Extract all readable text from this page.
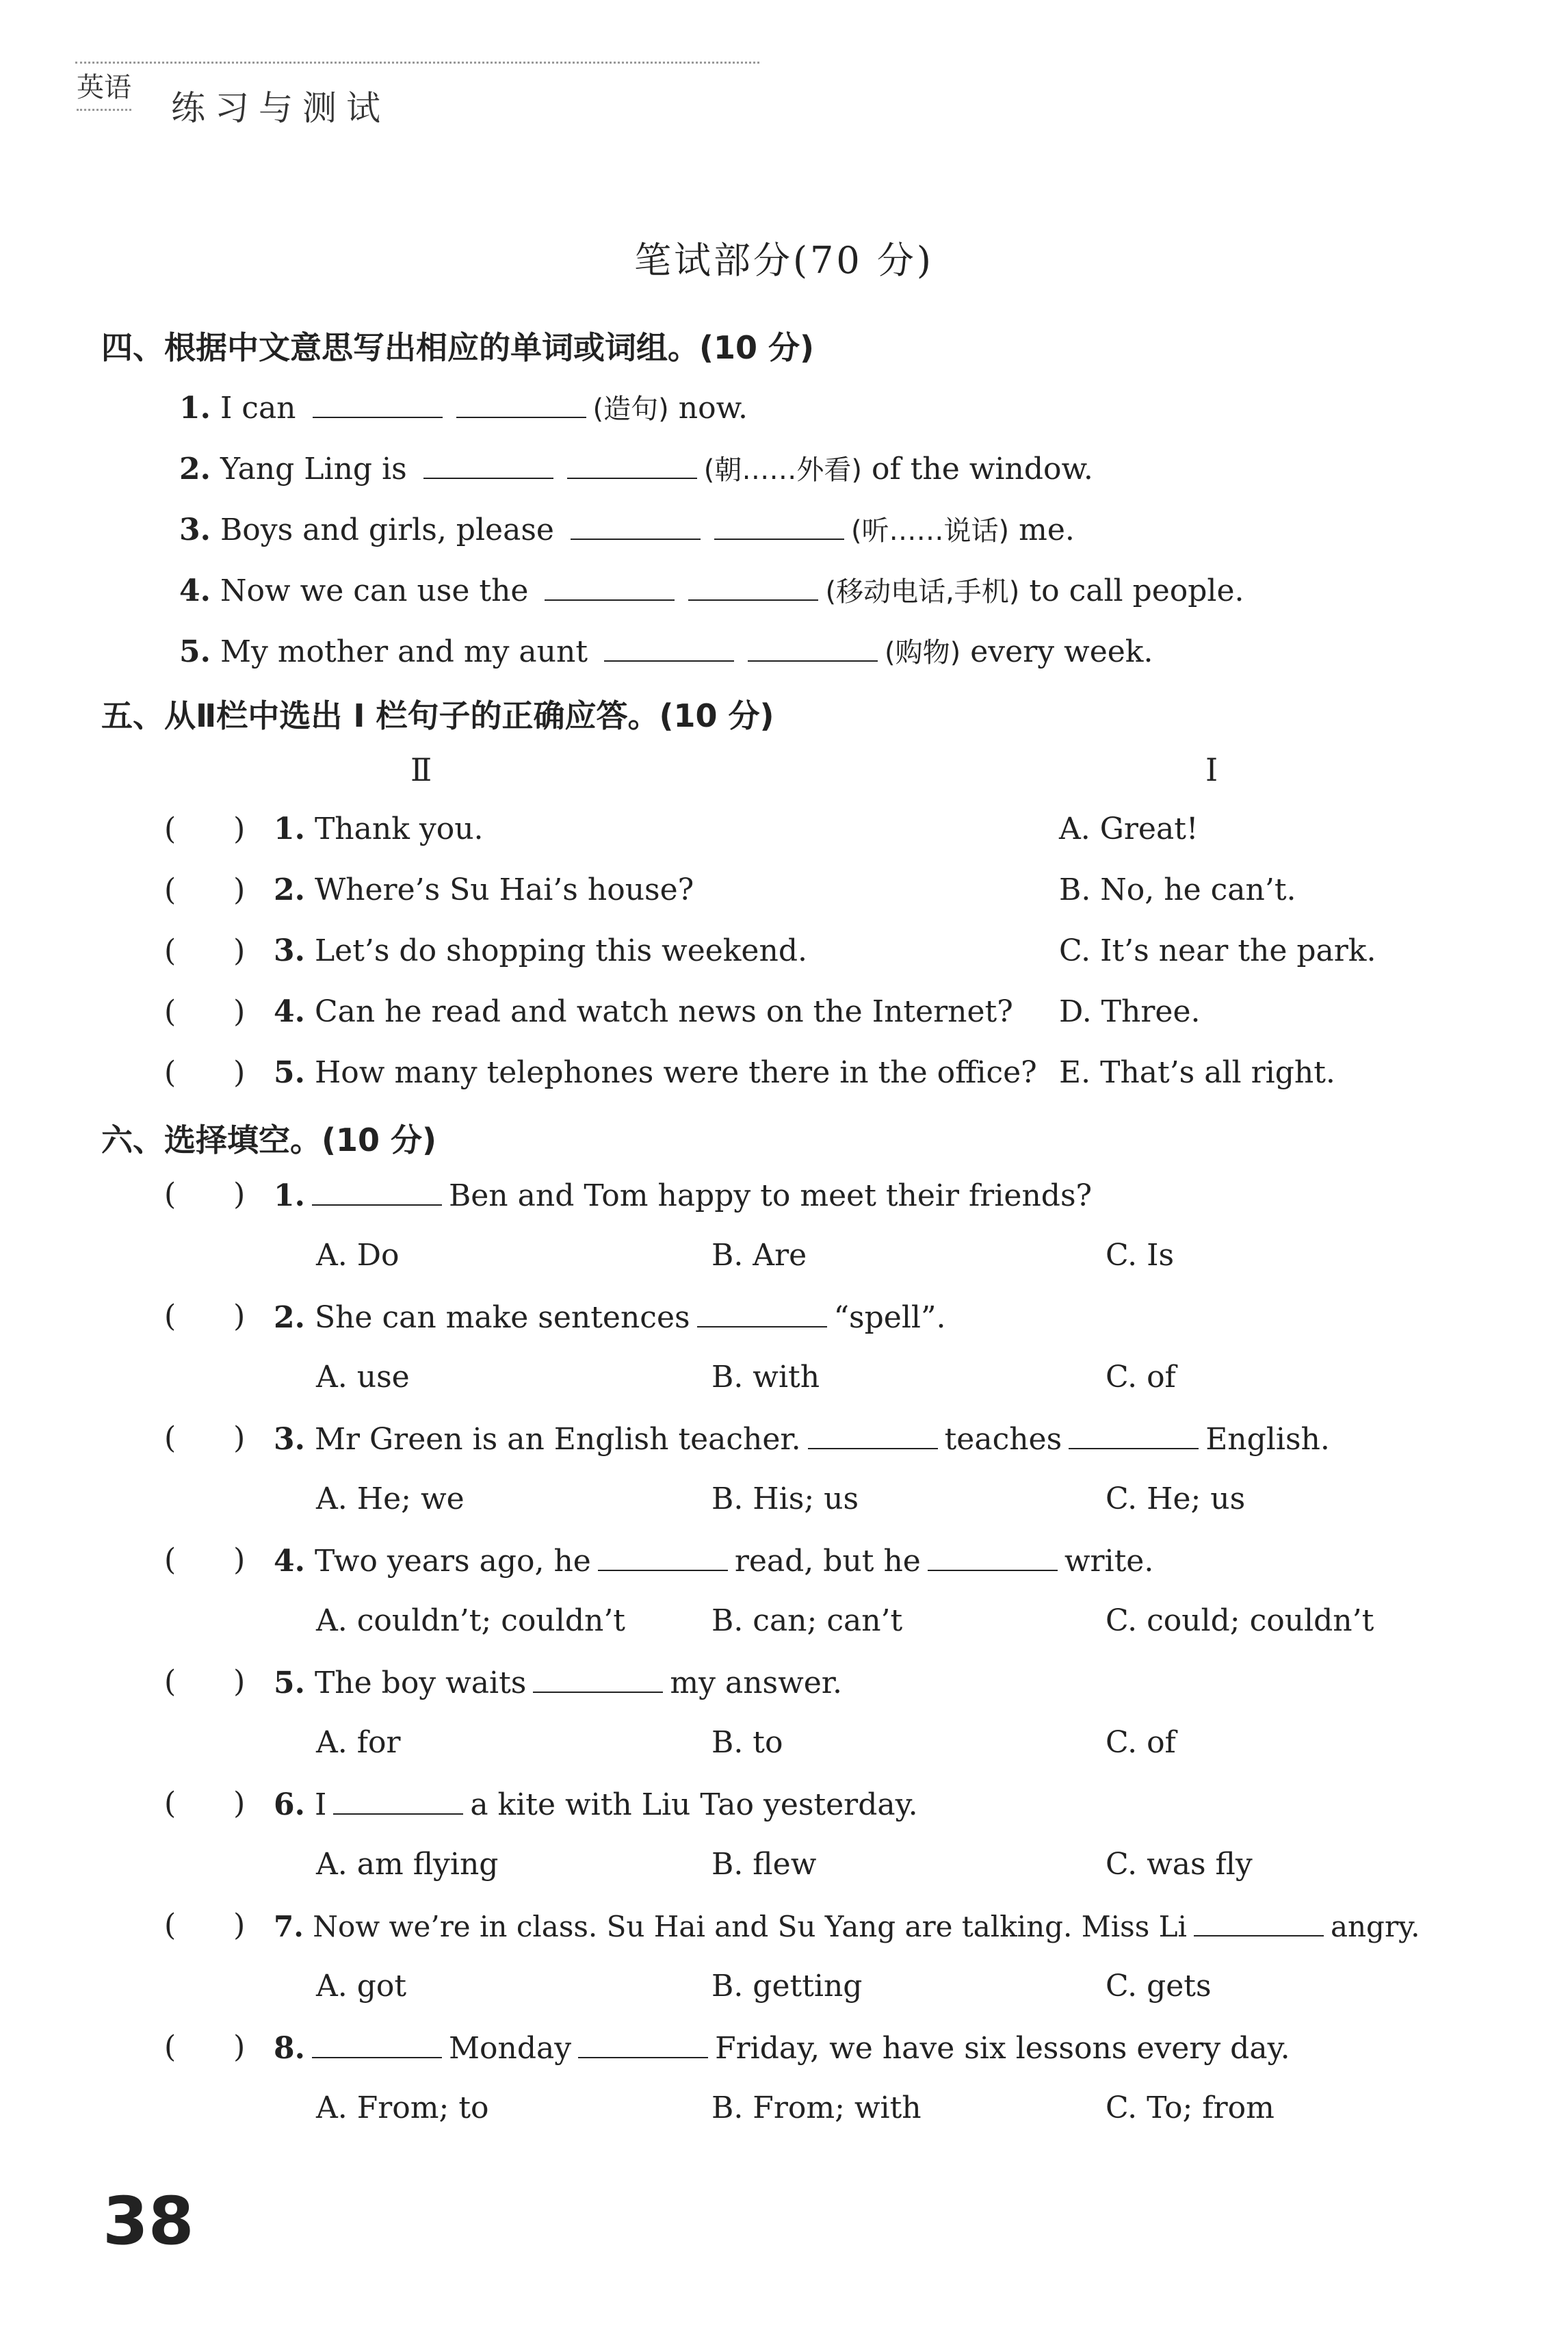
英语
练习与测试
笔试部分(70 分)
四、根据中文意思写出相应的单词或词组。(10 分)
1. I can	(造句) now.
2. Yang Ling is	(朝……外看) of the window.
3. Boys and girls, please	(听……说话) me.
4. Now we can use the	(移动电话,手机) to call people.
5. My mother and my aunt	(购物) every week.
五、从Ⅱ栏中选出 I 栏句子的正确应答。(10 分)
Ⅱ	I
(      ) 1. Thank you.	A. Great!
(      ) 2. Where’s Su Hai’s house?	B. No, he can’t.
(      ) 3. Let’s do shopping this weekend.	C. It’s near the park.
(      ) 4. Can he read and watch news on the Internet? D. Three.
(      ) 5. How many telephones were there in the office? E. That’s all right.
六、选择填空。(10 分)
(      ) 1.	Ben and Tom happy to meet their friends?
A. Do	B. Are	C. Is
(      ) 2. She can make sentences	“spell”.
A. use	B. with	C. of
(      ) 3. Mr Green is an English teacher.	teaches	English.
A. He; we	B. His; us	C. He; us
(      ) 4. Two years ago, he	read, but he	write.
A. couldn’t; couldn’t	B. can; can’t	C. could; couldn’t
(      ) 5. The boy waits	my answer.
A. for	B. to	C. of
(      ) 6. I	a kite with Liu Tao yesterday.
A. am flying	B. flew	C. was fly
(      ) 7. Now we’re in class. Su Hai and Su Yang are talking. Miss Li	angry.
A. got	B. getting	C. gets
(      ) 8.	Monday	Friday, we have six lessons every day.
A. From; to	B. From; with	C. To; from
38
